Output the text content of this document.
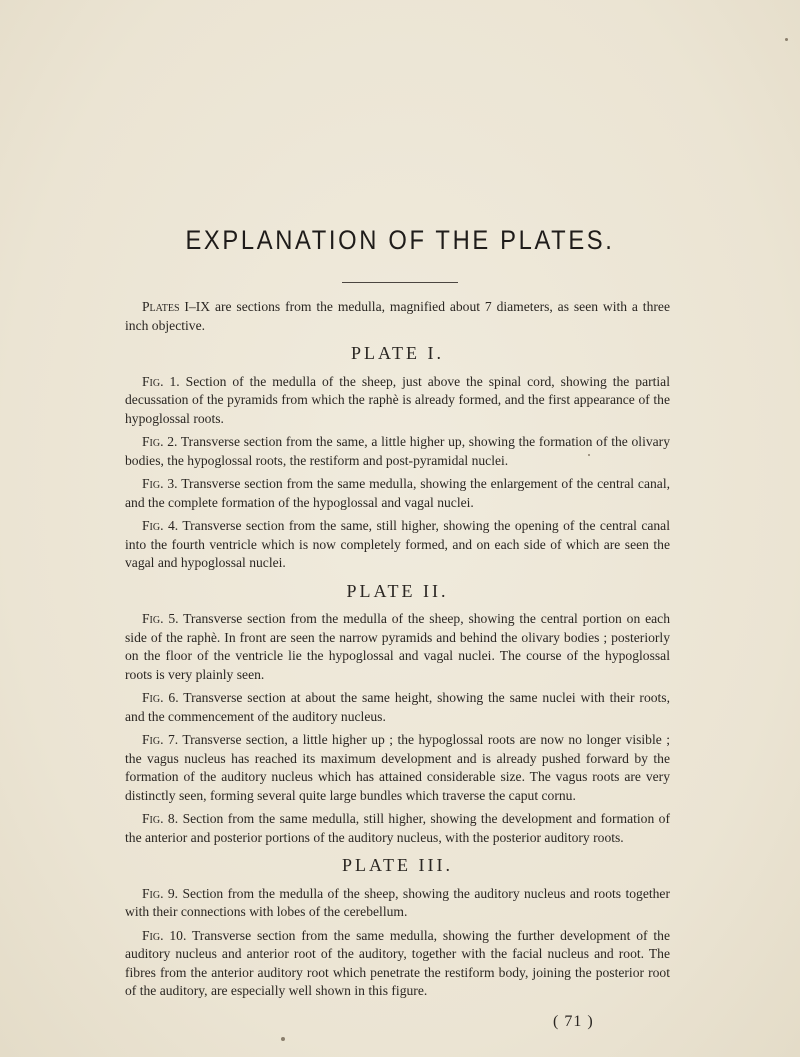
EXPLANATION OF THE PLATES.

Plates I–IX are sections from the medulla, magnified about 7 diameters, as seen with a three inch objective.

PLATE I.

Fig. 1. Section of the medulla of the sheep, just above the spinal cord, showing the partial decussation of the pyramids from which the raphè is already formed, and the first appearance of the hypoglossal roots.

Fig. 2. Transverse section from the same, a little higher up, showing the formation of the olivary bodies, the hypoglossal roots, the restiform and post-pyramidal nuclei.

Fig. 3. Transverse section from the same medulla, showing the enlargement of the central canal, and the complete formation of the hypoglossal and vagal nuclei.

Fig. 4. Transverse section from the same, still higher, showing the opening of the central canal into the fourth ventricle which is now completely formed, and on each side of which are seen the vagal and hypoglossal nuclei.

PLATE II.

Fig. 5. Transverse section from the medulla of the sheep, showing the central portion on each side of the raphè. In front are seen the narrow pyramids and behind the olivary bodies ; posteriorly on the floor of the ventricle lie the hypoglossal and vagal nuclei. The course of the hypoglossal roots is very plainly seen.

Fig. 6. Transverse section at about the same height, showing the same nuclei with their roots, and the commencement of the auditory nucleus.

Fig. 7. Transverse section, a little higher up ; the hypoglossal roots are now no longer visible ; the vagus nucleus has reached its maximum development and is already pushed forward by the formation of the auditory nucleus which has attained considerable size. The vagus roots are very distinctly seen, forming several quite large bundles which traverse the caput cornu.

Fig. 8. Section from the same medulla, still higher, showing the development and formation of the anterior and posterior portions of the auditory nucleus, with the posterior auditory roots.

PLATE III.

Fig. 9. Section from the medulla of the sheep, showing the auditory nucleus and roots together with their connections with lobes of the cerebellum.

Fig. 10. Transverse section from the same medulla, showing the further development of the auditory nucleus and anterior root of the auditory, together with the facial nucleus and root. The fibres from the anterior auditory root which penetrate the restiform body, joining the posterior root of the auditory, are especially well shown in this figure.

( 71 )
